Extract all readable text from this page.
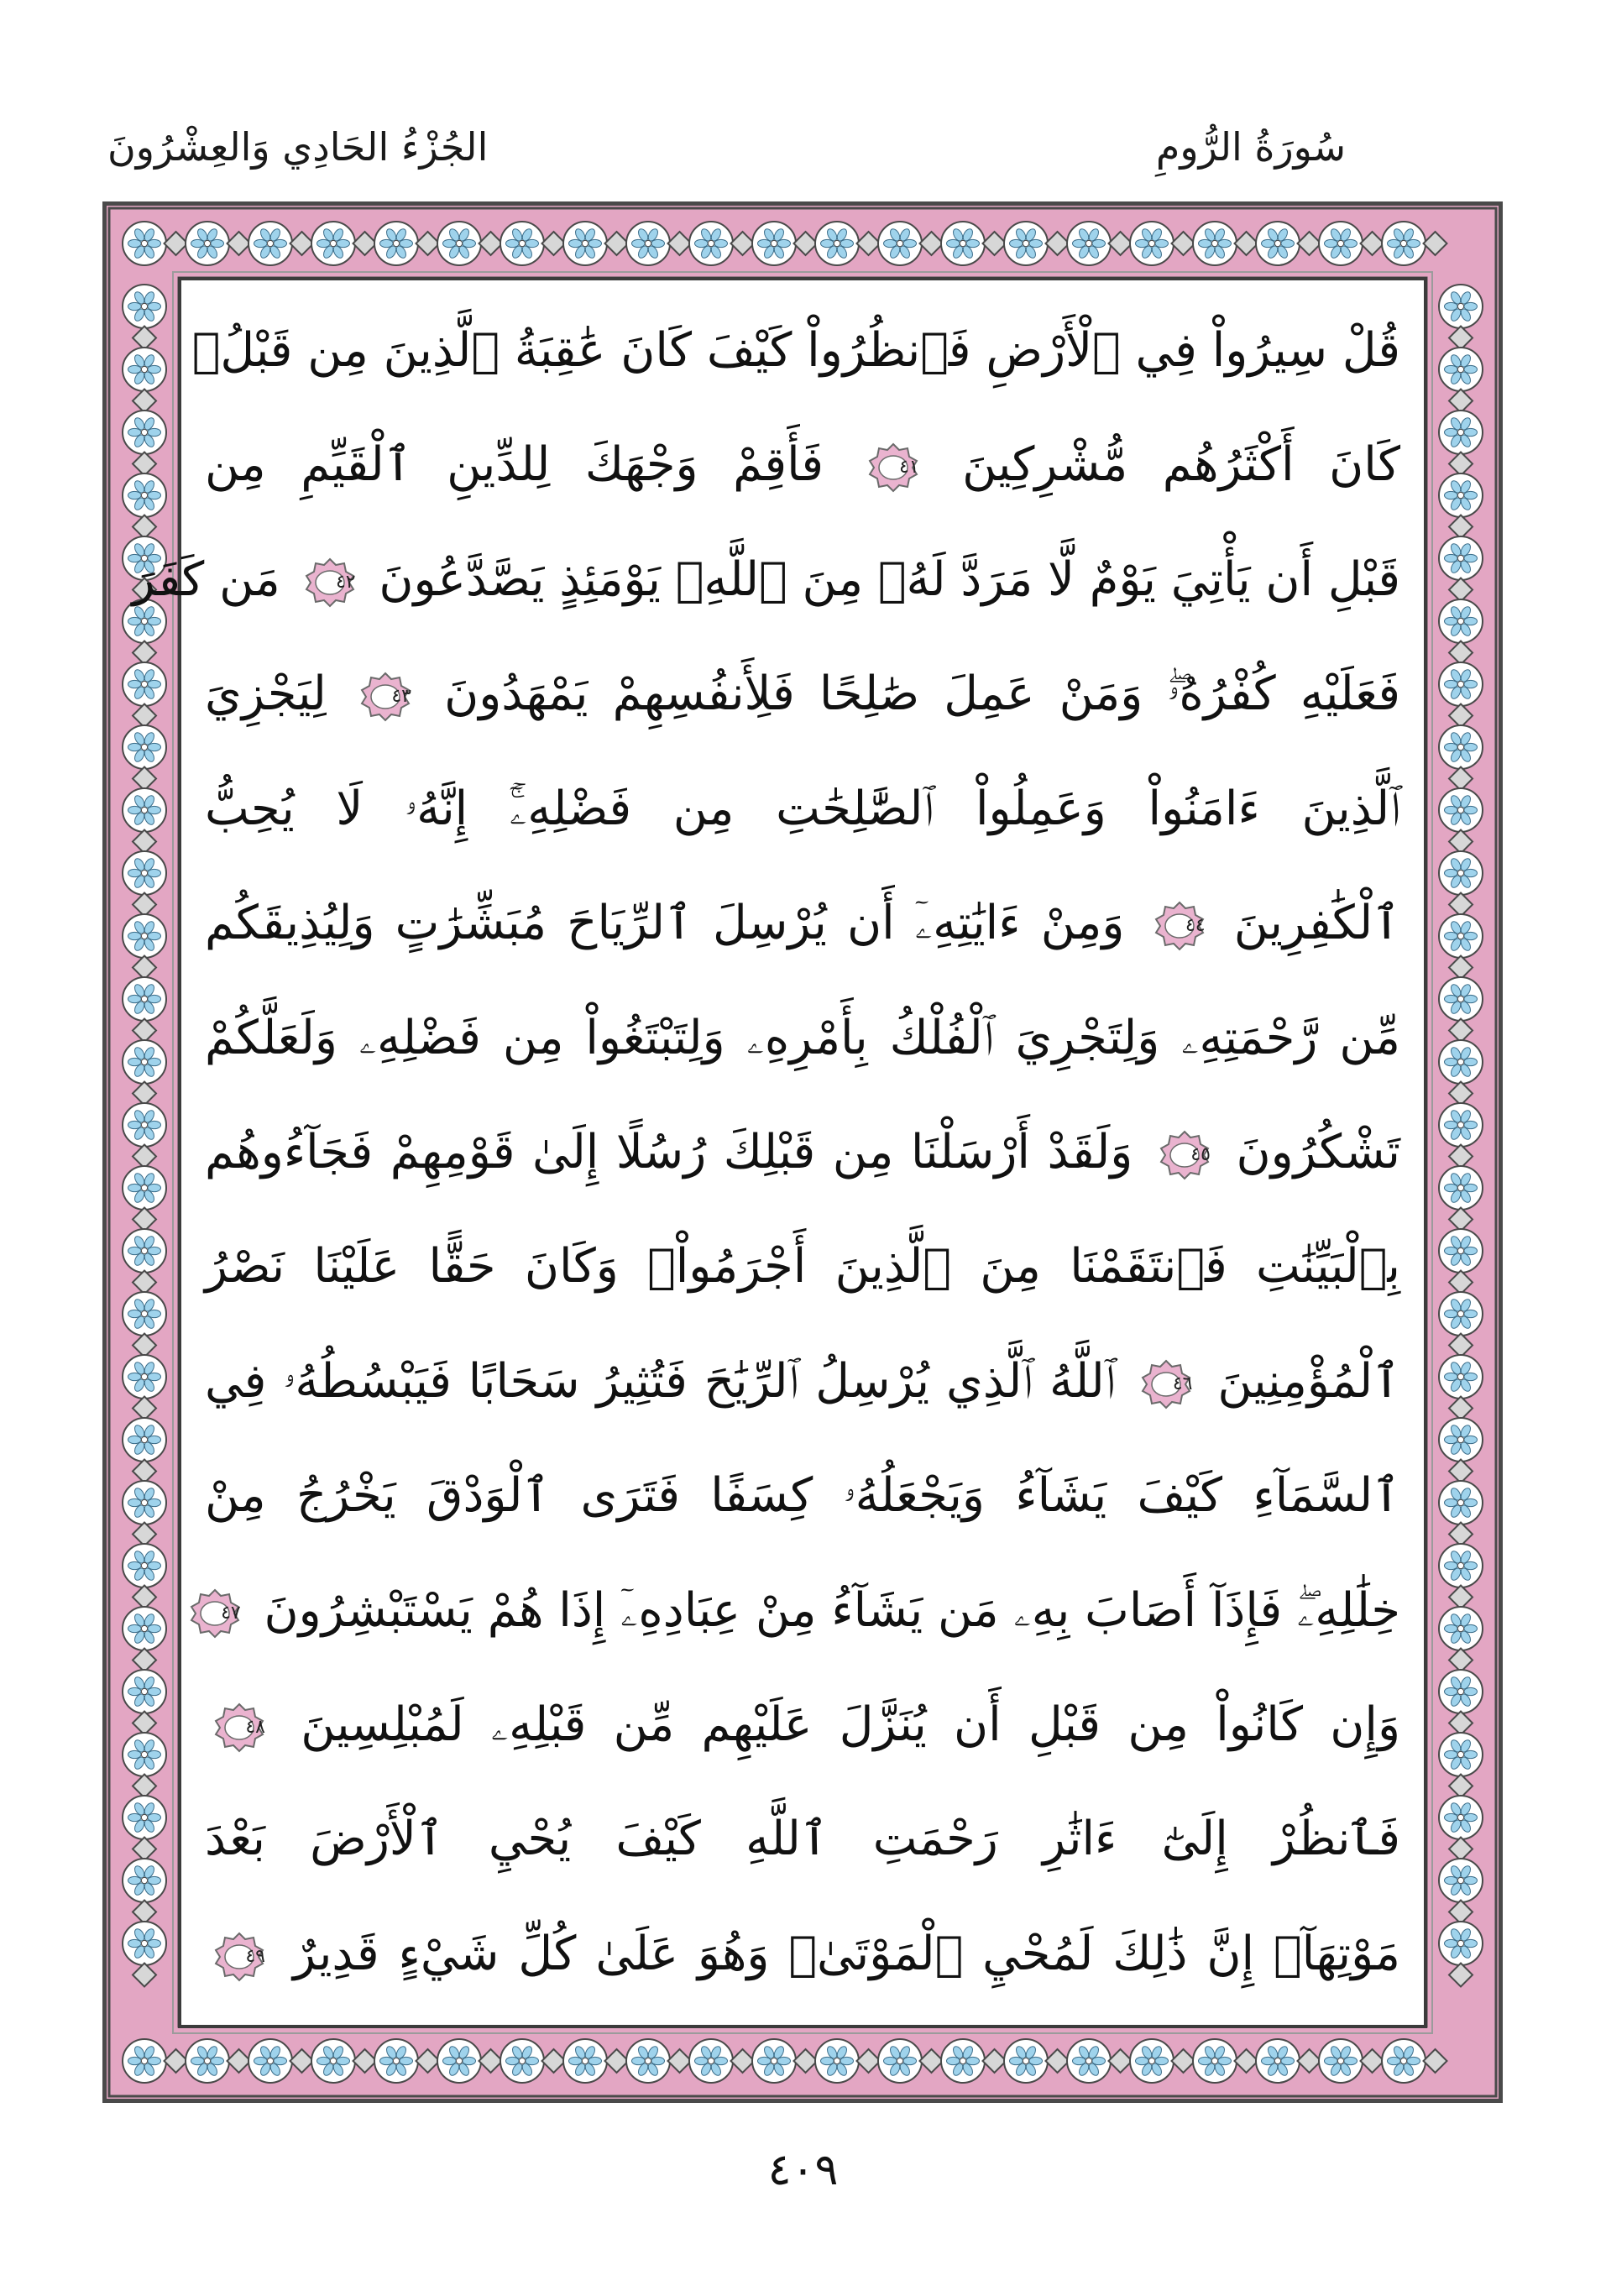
سُورَةُ الرُّومِ
الجُزْءُ الحَادِي وَالعِشْرُونَ
قُلْ سِيرُواْ فِي ٱلْأَرْضِ فَٱنظُرُواْ كَيْفَ كَانَ عَٰقِبَةُ ٱلَّذِينَ مِن قَبْلُۚ
كَانَ أَكْثَرُهُم مُّشْرِكِينَ
٤١
فَأَقِمْ وَجْهَكَ لِلدِّينِ ٱلْقَيِّمِ مِن
قَبْلِ أَن يَأْتِيَ يَوْمٌ لَّا مَرَدَّ لَهُۥ مِنَ ٱللَّهِۖ يَوْمَئِذٍ يَصَّدَّعُونَ
٤٢
مَن كَفَرَ
فَعَلَيْهِ كُفْرُهُۥۖ وَمَنْ عَمِلَ صَٰلِحًا فَلِأَنفُسِهِمْ يَمْهَدُونَ
٤٣
لِيَجْزِيَ
ٱلَّذِينَ ءَامَنُواْ وَعَمِلُواْ ٱلصَّٰلِحَٰتِ مِن فَضْلِهِۦٓۚ إِنَّهُۥ لَا يُحِبُّ
ٱلْكَٰفِرِينَ
٤٤
وَمِنْ ءَايَٰتِهِۦٓ أَن يُرْسِلَ ٱلرِّيَاحَ مُبَشِّرَٰتٍ وَلِيُذِيقَكُم
مِّن رَّحْمَتِهِۦ وَلِتَجْرِيَ ٱلْفُلْكُ بِأَمْرِهِۦ وَلِتَبْتَغُواْ مِن فَضْلِهِۦ وَلَعَلَّكُمْ
تَشْكُرُونَ
٤٥
وَلَقَدْ أَرْسَلْنَا مِن قَبْلِكَ رُسُلًا إِلَىٰ قَوْمِهِمْ فَجَآءُوهُم
بِٱلْبَيِّنَٰتِ فَٱنتَقَمْنَا مِنَ ٱلَّذِينَ أَجْرَمُواْۖ وَكَانَ حَقًّا عَلَيْنَا نَصْرُ
ٱلْمُؤْمِنِينَ
٤٦
ٱللَّهُ ٱلَّذِي يُرْسِلُ ٱلرِّيَٰحَ فَتُثِيرُ سَحَابًا فَيَبْسُطُهُۥ فِي
ٱلسَّمَآءِ كَيْفَ يَشَآءُ وَيَجْعَلُهُۥ كِسَفًا فَتَرَى ٱلْوَدْقَ يَخْرُجُ مِنْ
خِلَٰلِهِۦۖ فَإِذَآ أَصَابَ بِهِۦ مَن يَشَآءُ مِنْ عِبَادِهِۦٓ إِذَا هُمْ يَسْتَبْشِرُونَ
٤٧
وَإِن كَانُواْ مِن قَبْلِ أَن يُنَزَّلَ عَلَيْهِم مِّن قَبْلِهِۦ لَمُبْلِسِينَ
٤٨
فَٱنظُرْ إِلَىٰٓ ءَاثَٰرِ رَحْمَتِ ٱللَّهِ كَيْفَ يُحْيِ ٱلْأَرْضَ بَعْدَ
مَوْتِهَآۚ إِنَّ ذَٰلِكَ لَمُحْيِ ٱلْمَوْتَىٰۖ وَهُوَ عَلَىٰ كُلِّ شَيْءٍ قَدِيرٌ
٤٩
٤٠٩
